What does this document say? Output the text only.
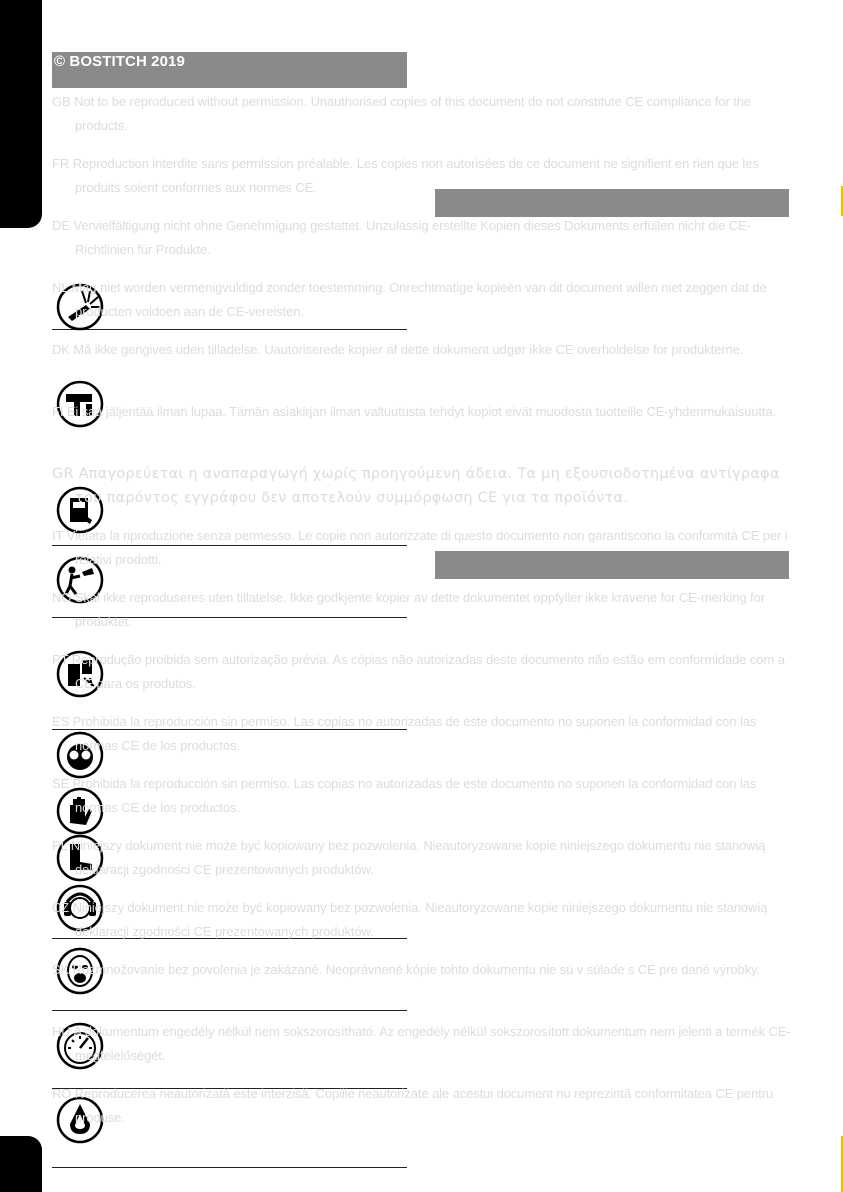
© BOSTITCH 2019
GB Not to be reproduced without permission. Unauthorised copies of this document do not constitute CE compliance for the products.
FR Reproduction interdite sans permission préalable. Les copies non autorisées de ce document ne signifient en rien que les produits soient conformes aux normes CE.
DE Vervielfältigung nicht ohne Genehmigung gestattet. Unzulässig erstellte Kopien dieses Dokuments erfüllen nicht die CE-Richtlinien für Produkte.
NL Mag niet worden vermenigvuldigd zonder toestemming. Onrechtmatige kopieën van dit document willen niet zeggen dat de producten voldoen aan de CE-vereisten.
DK Må ikke gengives uden tilladelse. Uautoriserede kopier af dette dokument udgør ikke CE overholdelse for produkterne.
FI Ei saa jäljentää ilman lupaa. Tämän asiakirjan ilman valtuutusta tehdyt kopiot eivät muodosta tuotteille CE-yhdenmukaisuutta.
GR Απαγορεύεται η αναπαραγωγή χωρίς προηγούμενη άδεια. Τα μη εξουσιοδοτημένα αντίγραφα του παρόντος εγγράφου δεν αποτελούν συμμόρφωση CE για τα προϊόντα.
IT Vietata la riproduzione senza permesso. Le copie non autorizzate di questo documento non garantiscono la conformità CE per i relativi prodotti.
NO Skal ikke reproduseres uten tillatelse. Ikke godkjente kopier av dette dokumentet oppfyller ikke kravene for CE-merking for produktet.
PT Reprodução proibida sem autorização prévia. As cópias não autorizadas deste documento não estão em conformidade com a CE para os produtos.
ES Prohibida la reproducción sin permiso. Las copias no autorizadas de este documento no suponen la conformidad con las normas CE de los productos.
SE Prohibida la reproducción sin permiso. Las copias no autorizadas de este documento no suponen la conformidad con las normas CE de los productos.
PL Niniejszy dokument nie może być kopiowany bez pozwolenia. Nieautoryzowane kopie niniejszego dokumentu nie stanowią deklaracji zgodności CE prezentowanych produktów.
CZ Niniejszy dokument nie może być kopiowany bez pozwolenia. Nieautoryzowane kopie niniejszego dokumentu nie stanowią deklaracji zgodności CE prezentowanych produktów.
SK Rozmnožovanie bez povolenia je zakázané. Neoprávnené kópie tohto dokumentu nie sú v súlade s CE pre dané výrobky.
HU A dokumentum engedély nélkül nem sokszorosítható. Az engedély nélkül sokszorosított dokumentum nem jelenti a termék CE-megfelelőségét.
RO Reproducerea neautorizată este interzisă. Copiile neautorizate ale acestui document nu reprezintă conformitatea CE pentru produse.
